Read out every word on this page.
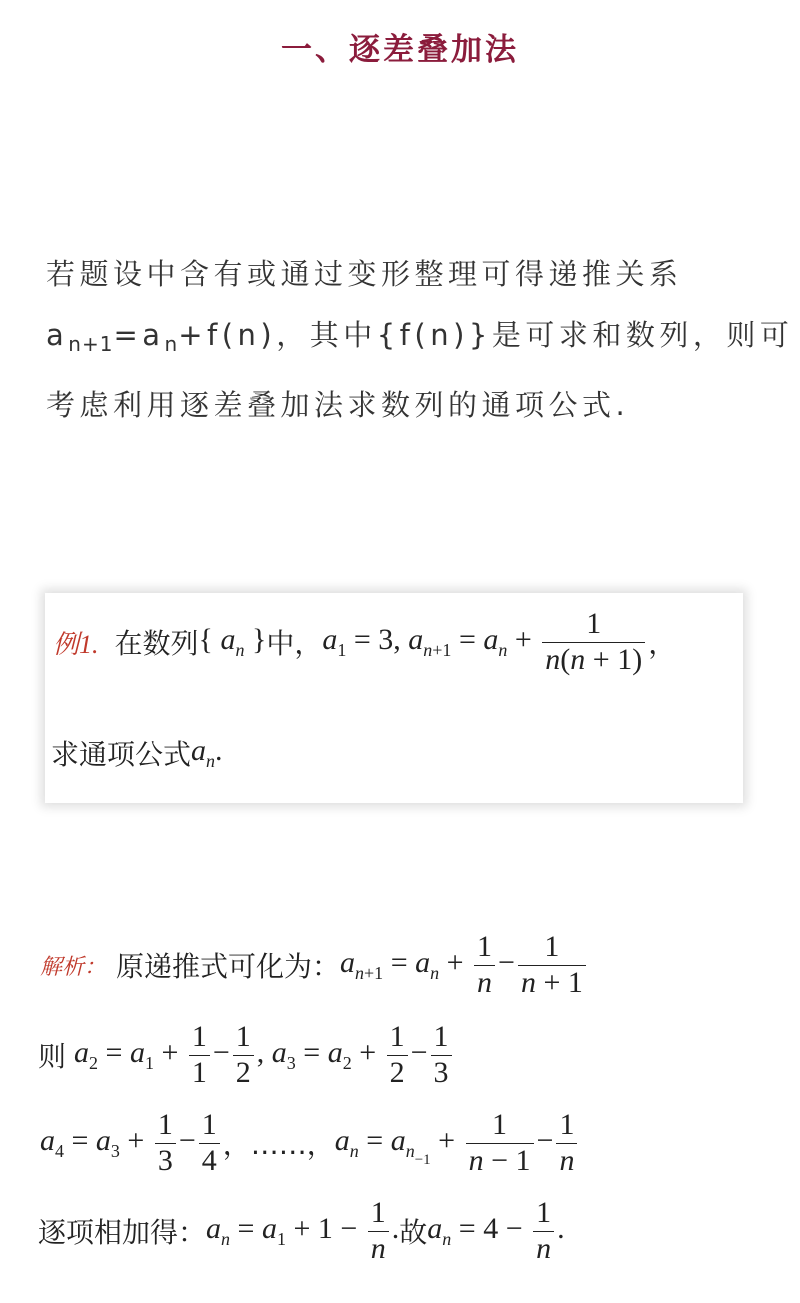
一、逐差叠加法

若题设中含有或通过变形整理可得递推关系

$a_{n+1}=a_n+f(n)$，其中{f(n)}是可求和数列，则可

考虑利用逐差叠加法求数列的通项公式.

例1. 在数列 { $a_n$ } 中， $a_1 = 3$, $a_{n+1} = a_n + \frac{1}{n(n + 1)}$ ，
求通项公式 $a_n$.
解析： 原递推式可化为： $a_{n+1} = a_n + \frac{1}{n} - \frac{1}{n + 1}$
则 $a_2 = a_1 + \frac{1}{1} - \frac{1}{2}$ , $a_3 = a_2 + \frac{1}{2} - \frac{1}{3}$
$a_4 = a_3 + \frac{1}{3} - \frac{1}{4}$ ，……， $a_n = a_{n_{-1}} + \frac{1}{n - 1} - \frac{1}{n}$
逐项相加得： $a_n = a_1 + 1 - \frac{1}{n}$ . 故 $a_n = 4 - \frac{1}{n}$ .
